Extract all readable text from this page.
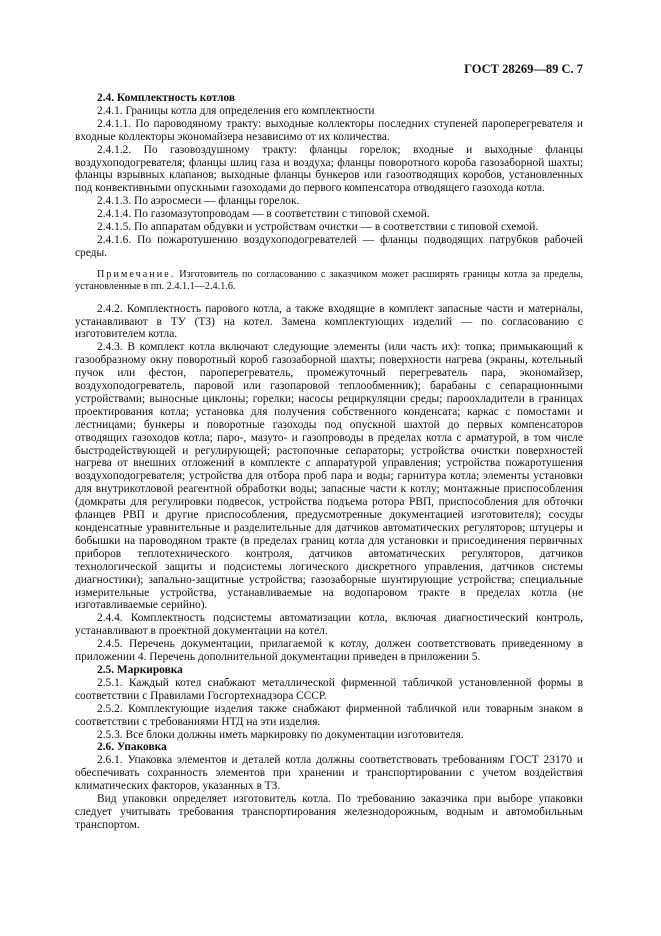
ГОСТ 28269—89 С. 7
2.4. Комплектность котлов

2.4.1. Границы котла для определения его комплектности

2.4.1.1. По пароводяному тракту: выходные коллекторы последних ступеней пароперегревателя и входные коллекторы экономайзера независимо от их количества.

2.4.1.2. По газовоздушному тракту: фланцы горелок; входные и выходные фланцы воздухоподогревателя; фланцы шлиц газа и воздуха; фланцы поворотного короба газозаборной шахты; фланцы взрывных клапанов; выходные фланцы бункеров или газоотводящих коробов, установленных под конвективными опускными газоходами до первого компенсатора отводящего газохода котла.

2.4.1.3. По аэросмеси — фланцы горелок.

2.4.1.4. По газомазутопроводам — в соответствии с типовой схемой.

2.4.1.5. По аппаратам обдувки и устройствам очистки — в соответствии с типовой схемой.

2.4.1.6. По пожаротушению воздухоподогревателей — фланцы подводящих патрубков рабочей среды.

Примечание. Изготовитель по согласованию с заказчиком может расширять границы котла за пределы, установленные в пп. 2.4.1.1—2.4.1.6.

2.4.2. Комплектность парового котла, а также входящие в комплект запасные части и материалы, устанавливают в ТУ (ТЗ) на котел. Замена комплектующих изделий — по согласованию с изготовителем котла.

2.4.3. В комплект котла включают следующие элементы (или часть их): топка; примыкающий к газообразному окну поворотный короб газозаборной шахты; поверхности нагрева (экраны, котельный пучок или фестон, пароперегреватель, промежуточный перегреватель пара, экономайзер, воздухоподогреватель, паровой или газопаровой теплообменник); барабаны с сепарационными устройствами; выносные циклоны; горелки; насосы рециркуляции среды; пароохладители в границах проектирования котла; установка для получения собственного конденсата; каркас с помостами и лестницами; бункеры и поворотные газоходы под опускной шахтой до первых компенсаторов отводящих газоходов котла; паро-, мазуто- и газопроводы в пределах котла с арматурой, в том числе быстродействующей и регулирующей; растопочные сепараторы; устройства очистки поверхностей нагрева от внешних отложений в комплекте с аппаратурой управления; устройства пожаротушения воздухоподогревателя; устройства для отбора проб пара и воды; гарнитура котла; элементы установки для внутрикотловой реагентной обработки воды; запасные части к котлу; монтажные приспособления (домкраты для регулировки подвесок, устройства подъема ротора РВП, приспособления для обточки фланцев РВП и другие приспособления, предусмотренные документацией изготовителя); сосуды конденсатные уравнительные и разделительные для датчиков автоматических регуляторов; штуцеры и бобышки на пароводяном тракте (в пределах границ котла для установки и присоединения первичных приборов теплотехнического контроля, датчиков автоматических регуляторов, датчиков технологической защиты и подсистемы логического дискретного управления, датчиков системы диагностики); запально-защитные устройства; газозаборные шунтирующие устройства; специальные измерительные устройства, устанавливаемые на водопаровом тракте в пределах котла (не изготавливаемые серийно).

2.4.4. Комплектность подсистемы автоматизации котла, включая диагностический контроль, устанавливают в проектной документации на котел.

2.4.5. Перечень документации, прилагаемой к котлу, должен соответствовать приведенному в приложении 4. Перечень дополнительной документации приведен в приложении 5.

2.5. Маркировка

2.5.1. Каждый котел снабжают металлической фирменной табличкой установленной формы в соответствии с Правилами Госгортехнадзора СССР.

2.5.2. Комплектующие изделия также снабжают фирменной табличкой или товарным знаком в соответствии с требованиями НТД на эти изделия.

2.5.3. Все блоки должны иметь маркировку по документации изготовителя.

2.6. Упаковка

2.6.1. Упаковка элементов и деталей котла должны соответствовать требованиям ГОСТ 23170 и обеспечивать сохранность элементов при хранении и транспортировании с учетом воздействия климатических факторов, указанных в ТЗ.

Вид упаковки определяет изготовитель котла. По требованию заказчика при выборе упаковки следует учитывать требования транспортирования железнодорожным, водным и автомобильным транспортом.
